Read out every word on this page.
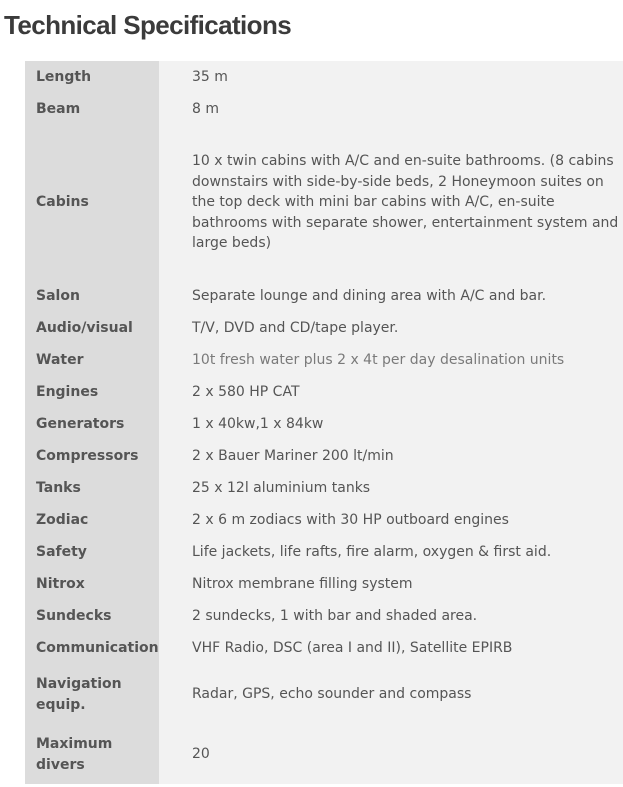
Technical Specifications
Length	35 m
Beam	8 m
Cabins	10 x twin cabins with A/C and en-suite bathrooms. (8 cabins downstairs with side-by-side beds, 2 Honeymoon suites on the top deck with mini bar cabins with A/C, en-suite bathrooms with separate shower, entertainment system and large beds)
Salon	Separate lounge and dining area with A/C and bar.
Audio/visual	T/V, DVD and CD/tape player.
Water	10t fresh water plus 2 x 4t per day desalination units
Engines	2 x 580 HP CAT
Generators	1 x 40kw,1 x 84kw
Compressors	2 x Bauer Mariner 200 lt/min
Tanks	25 x 12l aluminium tanks
Zodiac	2 x 6 m zodiacs with 30 HP outboard engines
Safety	Life jackets, life rafts, fire alarm, oxygen & first aid.
Nitrox	Nitrox membrane filling system
Sundecks	2 sundecks, 1 with bar and shaded area.
Communication	VHF Radio, DSC (area I and II), Satellite EPIRB
Navigation equip.	Radar, GPS, echo sounder and compass
Maximum divers	20
